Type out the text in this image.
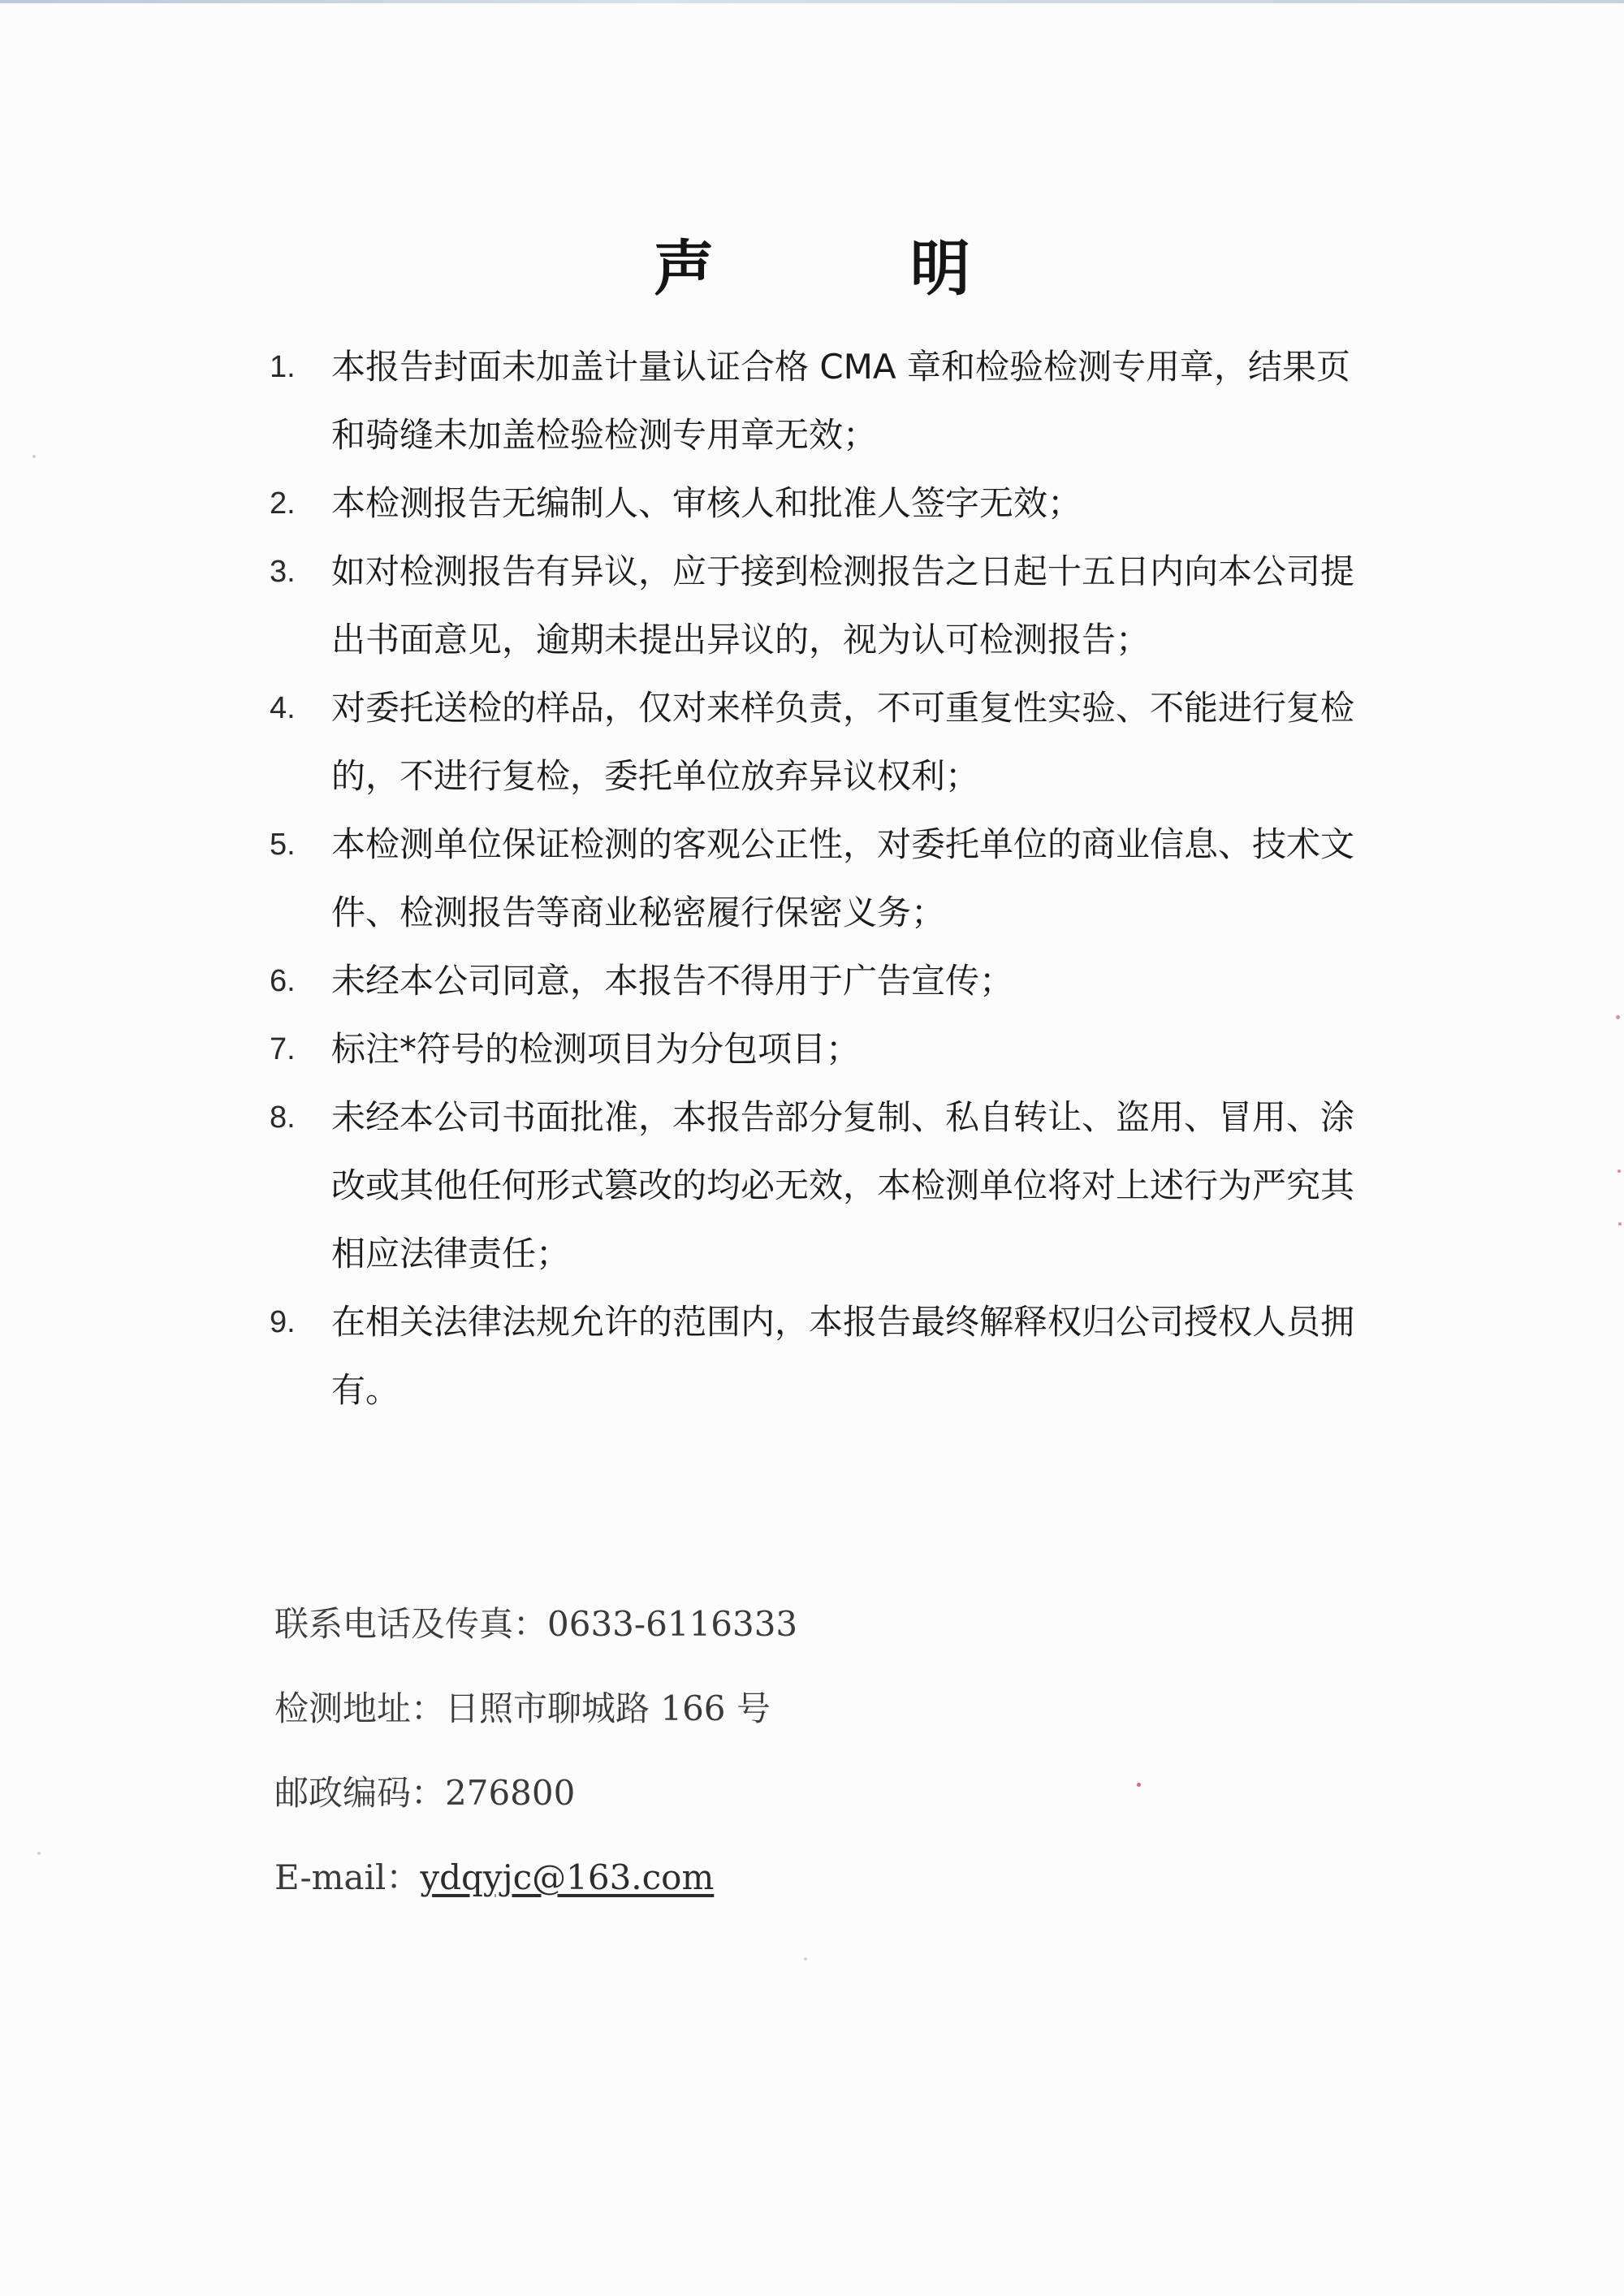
声 明
1. 本报告封面未加盖计量认证合格 CMA 章和检验检测专用章，结果页和骑缝未加盖检验检测专用章无效；
2. 本检测报告无编制人、审核人和批准人签字无效；
3. 如对检测报告有异议，应于接到检测报告之日起十五日内向本公司提出书面意见，逾期未提出异议的，视为认可检测报告；
4. 对委托送检的样品，仅对来样负责，不可重复性实验、不能进行复检的，不进行复检，委托单位放弃异议权利；
5. 本检测单位保证检测的客观公正性，对委托单位的商业信息、技术文件、检测报告等商业秘密履行保密义务；
6. 未经本公司同意，本报告不得用于广告宣传；
7. 标注*符号的检测项目为分包项目；
8. 未经本公司书面批准，本报告部分复制、私自转让、盗用、冒用、涂改或其他任何形式篡改的均必无效，本检测单位将对上述行为严究其相应法律责任；
9. 在相关法律法规允许的范围内，本报告最终解释权归公司授权人员拥有。
联系电话及传真：0633-6116333
检测地址：日照市聊城路 166 号
邮政编码：276800
E-mail：ydqyjc@163.com
